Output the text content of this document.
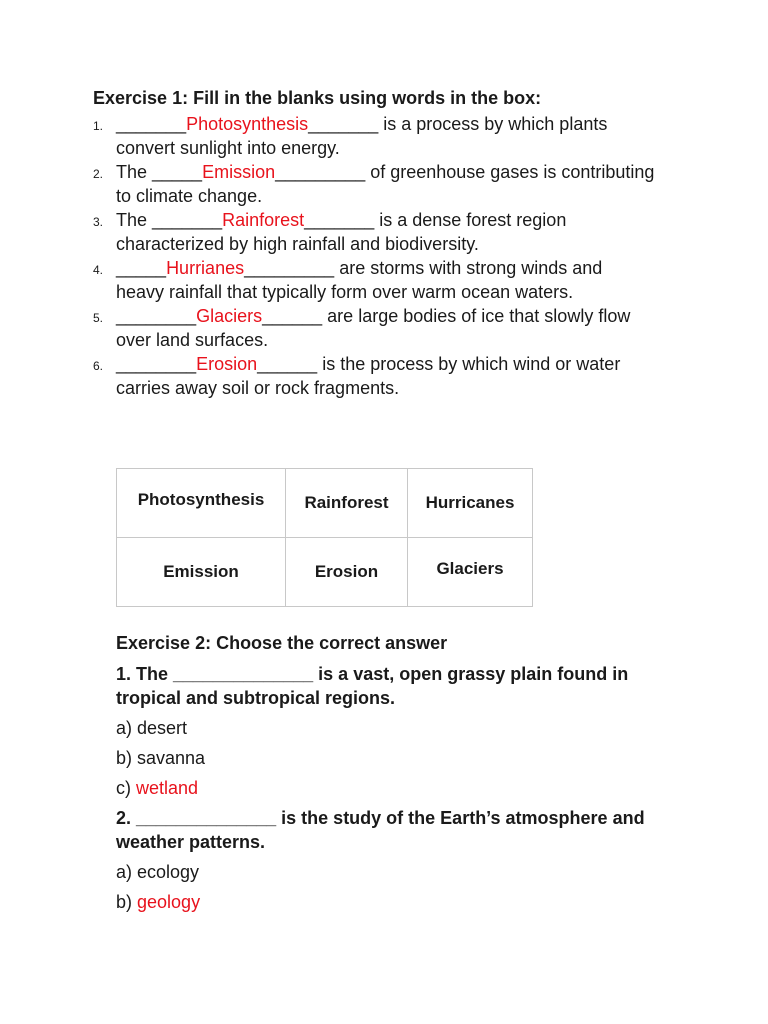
Exercise 1: Fill in the blanks using words in the box:
1. _______Photosynthesis_______ is a process by which plants
convert sunlight into energy.
2. The _____Emission_________ of greenhouse gases is contributing
to climate change.
3. The _______Rainforest_______ is a dense forest region
characterized by high rainfall and biodiversity.
4. _____Hurrianes_________ are storms with strong winds and
heavy rainfall that typically form over warm ocean waters.
5. ________Glaciers______ are large bodies of ice that slowly flow
over land surfaces.
6. ________Erosion______ is the process by which wind or water
carries away soil or rock fragments.
Photosynthesis	Rainforest	Hurricanes
Emission	Erosion	Glaciers
Exercise 2: Choose the correct answer
1. The ______________ is a vast, open grassy plain found in tropical and subtropical regions.
a) desert
b) savanna
c) wetland
2. ______________ is the study of the Earth’s atmosphere and weather patterns.
a) ecology
b) geology
